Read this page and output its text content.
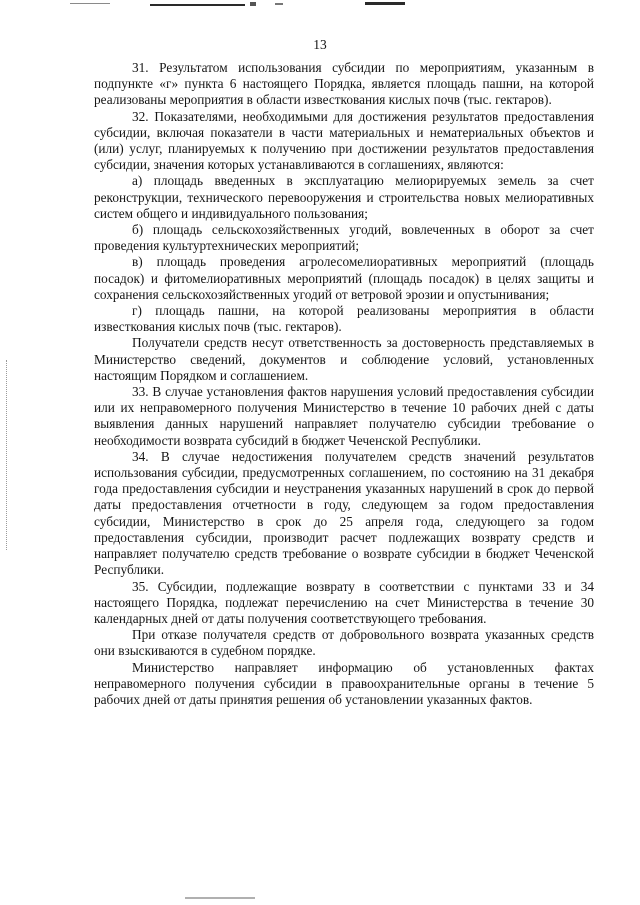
13

31. Результатом использования субсидии по мероприятиям, указанным в подпункте «г» пункта 6 настоящего Порядка, является площадь пашни, на которой реализованы мероприятия в области известкования кислых почв (тыс. гектаров).

32. Показателями, необходимыми для достижения результатов предоставления субсидии, включая показатели в части материальных и нематериальных объектов и (или) услуг, планируемых к получению при достижении результатов предоставления субсидии, значения которых устанавливаются в соглашениях, являются:

а) площадь введенных в эксплуатацию мелиорируемых земель за счет реконструкции, технического перевооружения и строительства новых мелиоративных систем общего и индивидуального пользования;

б) площадь сельскохозяйственных угодий, вовлеченных в оборот за счет проведения культуртехнических мероприятий;

в) площадь проведения агролесомелиоративных мероприятий (площадь посадок) и фитомелиоративных мероприятий (площадь посадок) в целях защиты и сохранения сельскохозяйственных угодий от ветровой эрозии и опустынивания;

г) площадь пашни, на которой реализованы мероприятия в области известкования кислых почв (тыс. гектаров).

Получатели средств несут ответственность за достоверность представляемых в Министерство сведений, документов и соблюдение условий, установленных настоящим Порядком и соглашением.

33. В случае установления фактов нарушения условий предоставления субсидии или их неправомерного получения Министерство в течение 10 рабочих дней с даты выявления данных нарушений направляет получателю субсидии требование о необходимости возврата субсидий в бюджет Чеченской Республики.

34. В случае недостижения получателем средств значений результатов использования субсидии, предусмотренных соглашением, по состоянию на 31 декабря года предоставления субсидии и неустранения указанных нарушений в срок до первой даты предоставления отчетности в году, следующем за годом предоставления субсидии, Министерство в срок до 25 апреля года, следующего за годом предоставления субсидии, производит расчет подлежащих возврату средств и направляет получателю средств требование о возврате субсидии в бюджет Чеченской Республики.

35. Субсидии, подлежащие возврату в соответствии с пунктами 33 и 34 настоящего Порядка, подлежат перечислению на счет Министерства в течение 30 календарных дней от даты получения соответствующего требования.

При отказе получателя средств от добровольного возврата указанных средств они взыскиваются в судебном порядке.

Министерство направляет информацию об установленных фактах неправомерного получения субсидии в правоохранительные органы в течение 5 рабочих дней от даты принятия решения об установлении указанных фактов.
